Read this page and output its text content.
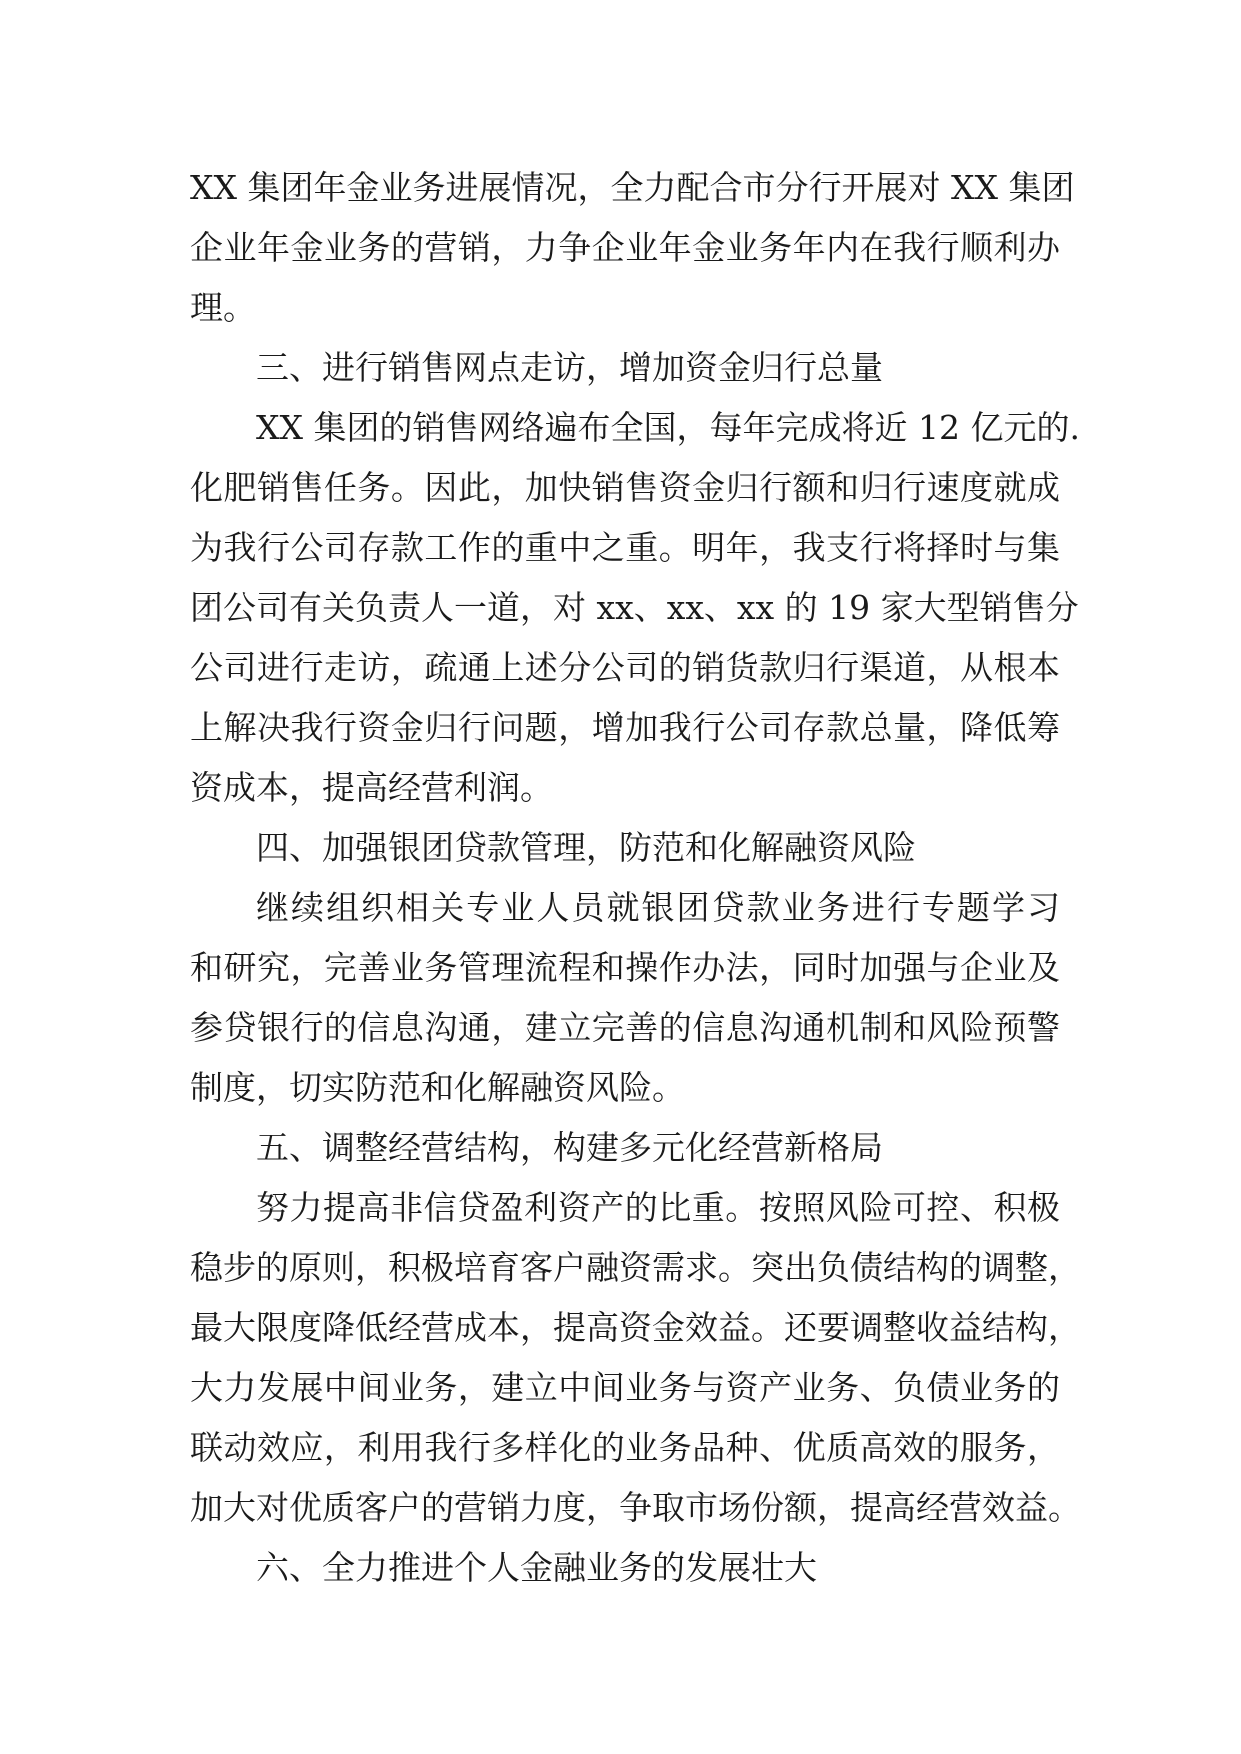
XX 集团年金业务进展情况，全力配合市分行开展对 XX 集团
企业年金业务的营销，力争企业年金业务年内在我行顺利办
理。
三、进行销售网点走访，增加资金归行总量
XX 集团的销售网络遍布全国，每年完成将近 12 亿元的.
化肥销售任务。因此，加快销售资金归行额和归行速度就成
为我行公司存款工作的重中之重。明年，我支行将择时与集
团公司有关负责人一道，对 xx、xx、xx 的 19 家大型销售分
公司进行走访，疏通上述分公司的销货款归行渠道，从根本
上解决我行资金归行问题，增加我行公司存款总量，降低筹
资成本，提高经营利润。
四、加强银团贷款管理，防范和化解融资风险
继续组织相关专业人员就银团贷款业务进行专题学习
和研究，完善业务管理流程和操作办法，同时加强与企业及
参贷银行的信息沟通，建立完善的信息沟通机制和风险预警
制度，切实防范和化解融资风险。
五、调整经营结构，构建多元化经营新格局
努力提高非信贷盈利资产的比重。按照风险可控、积极
稳步的原则，积极培育客户融资需求。突出负债结构的调整，
最大限度降低经营成本，提高资金效益。还要调整收益结构，
大力发展中间业务，建立中间业务与资产业务、负债业务的
联动效应，利用我行多样化的业务品种、优质高效的服务，
加大对优质客户的营销力度，争取市场份额，提高经营效益。
六、全力推进个人金融业务的发展壮大
